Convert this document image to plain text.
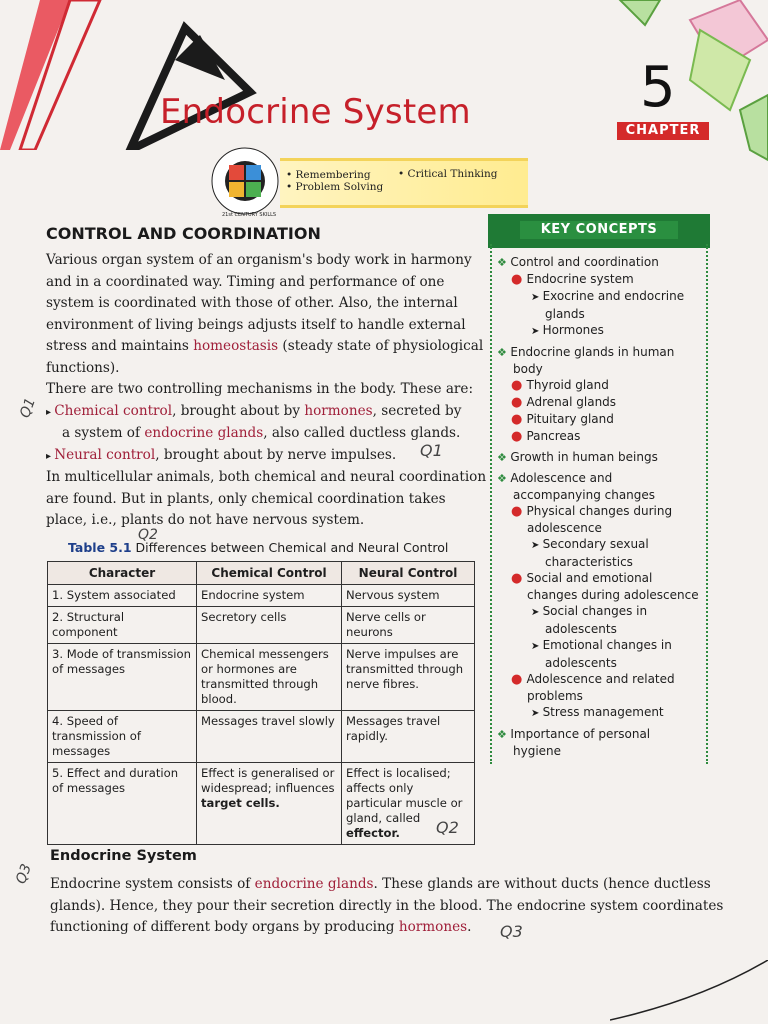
Endocrine System	5
CHAPTER
21st CENTURY SKILLS
• Remembering
• Problem Solving
• Critical Thinking
CONTROL AND COORDINATION
Various organ system of an organism's body work in harmony
and in a coordinated way. Timing and performance of one
system is coordinated with those of other. Also, the internal
environment of living beings adjusts itself to handle external
stress and maintains homeostasis (steady state of physiological
functions).
There are two controlling mechanisms in the body. These are:
▸ Chemical control, brought about by hormones, secreted by
a system of endocrine glands, also called ductless glands.
▸ Neural control, brought about by nerve impulses.
In multicellular animals, both chemical and neural coordination
are found. But in plants, only chemical coordination takes
place, i.e., plants do not have nervous system.
KEY CONCEPTS
❖ Control and coordination
● Endocrine system
➤ Exocrine and endocrine
glands
➤ Hormones
❖ Endocrine glands in human
body
● Thyroid gland
● Adrenal glands
● Pituitary gland
● Pancreas
❖ Growth in human beings
❖ Adolescence and
accompanying changes
● Physical changes during
adolescence
➤ Secondary sexual
characteristics
● Social and emotional
changes during adolescence
➤ Social changes in
adolescents
➤ Emotional changes in
adolescents
● Adolescence and related
problems
➤ Stress management
❖ Importance of personal
hygiene
Table 5.1 Differences between Chemical and Neural Control
Character	Chemical Control	Neural Control
1. System associated	Endocrine system	Nervous system
2. Structural component	Secretory cells	Nerve cells or neurons
3. Mode of transmission of messages	Chemical messengers or hormones are transmitted through blood.	Nerve impulses are transmitted through nerve fibres.
4. Speed of transmission of messages	Messages travel slowly	Messages travel rapidly.
5. Effect and duration of messages	Effect is generalised or widespread; influences target cells.	Effect is localised; affects only particular muscle or gland, called effector.
Endocrine System
Endocrine system consists of endocrine glands. These glands are without ducts (hence ductless
glands). Hence, they pour their secretion directly in the blood. The endocrine system coordinates
functioning of different body organs by producing hormones.
Q1
Q1
Q2
Q2
Q3
Q3
